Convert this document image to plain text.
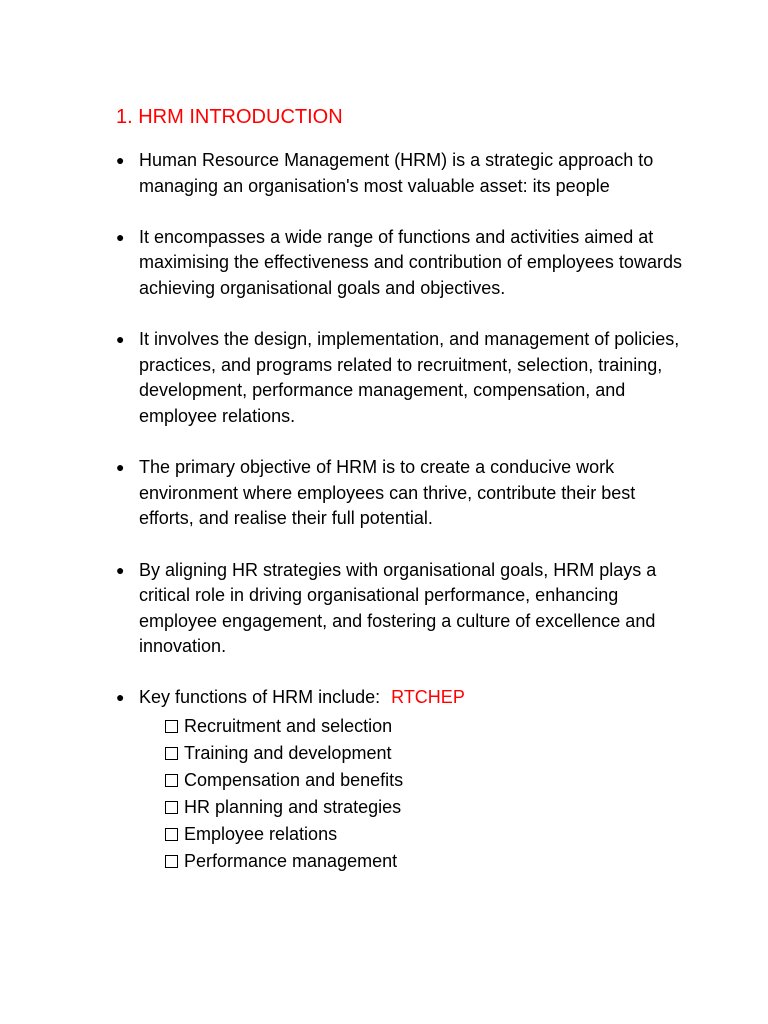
1. HRM INTRODUCTION
● Human Resource Management (HRM) is a strategic approach to managing an organisation's most valuable asset: its people
● It encompasses a wide range of functions and activities aimed at maximising the effectiveness and contribution of employees towards achieving organisational goals and objectives.
● It involves the design, implementation, and management of policies, practices, and programs related to recruitment, selection, training, development, performance management, compensation, and employee relations.
● The primary objective of HRM is to create a conducive work environment where employees can thrive, contribute their best efforts, and realise their full potential.
● By aligning HR strategies with organisational goals, HRM plays a critical role in driving organisational performance, enhancing employee engagement, and fostering a culture of excellence and innovation.
● Key functions of HRM include: RTCHEP
Recruitment and selection
Training and development
Compensation and benefits
HR planning and strategies
Employee relations
Performance management
